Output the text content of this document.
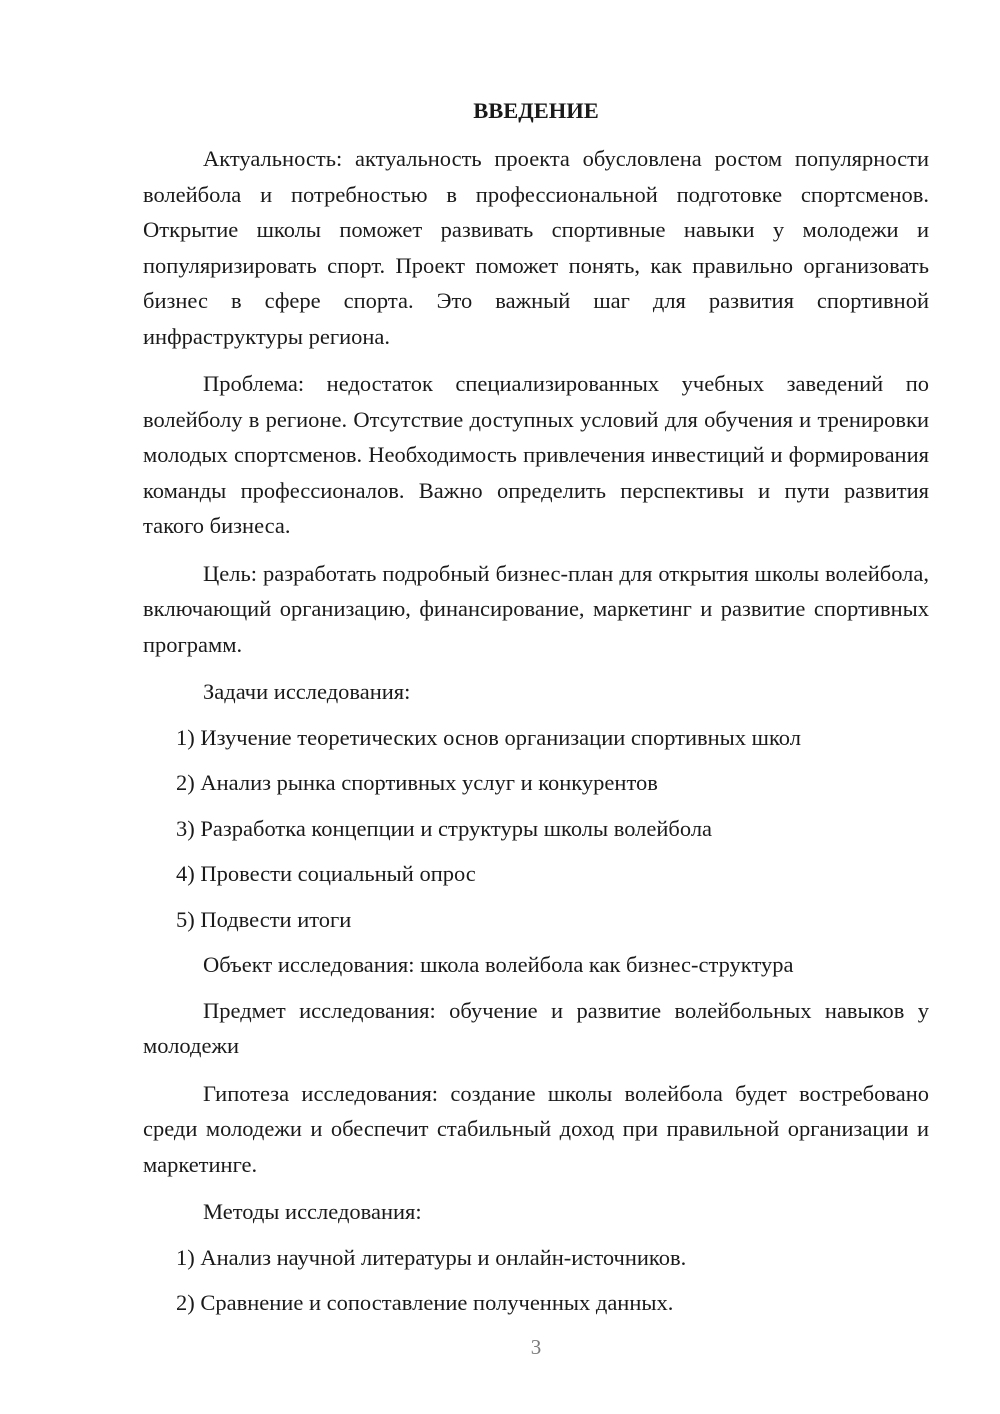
ВВЕДЕНИЕ

Актуальность: актуальность проекта обусловлена ростом популярности волейбола и потребностью в профессиональной подготовке спортсменов. Открытие школы поможет развивать спортивные навыки у молодежи и популяризировать спорт. Проект поможет понять, как правильно организовать бизнес в сфере спорта. Это важный шаг для развития спортивной инфраструктуры региона.

Проблема: недостаток специализированных учебных заведений по волейболу в регионе. Отсутствие доступных условий для обучения и тренировки молодых спортсменов. Необходимость привлечения инвестиций и формирования команды профессионалов. Важно определить перспективы и пути развития такого бизнеса.

Цель: разработать подробный бизнес-план для открытия школы волейбола, включающий организацию, финансирование, маркетинг и развитие спортивных программ.

Задачи исследования:

1) Изучение теоретических основ организации спортивных школ

2) Анализ рынка спортивных услуг и конкурентов

3) Разработка концепции и структуры школы волейбола

4) Провести социальный опрос

5) Подвести итоги

Объект исследования: школа волейбола как бизнес-структура

Предмет исследования: обучение и развитие волейбольных навыков у молодежи

Гипотеза исследования: создание школы волейбола будет востребовано среди молодежи и обеспечит стабильный доход при правильной организации и маркетинге.

Методы исследования:

1) Анализ научной литературы и онлайн-источников.

2) Сравнение и сопоставление полученных данных.

3
